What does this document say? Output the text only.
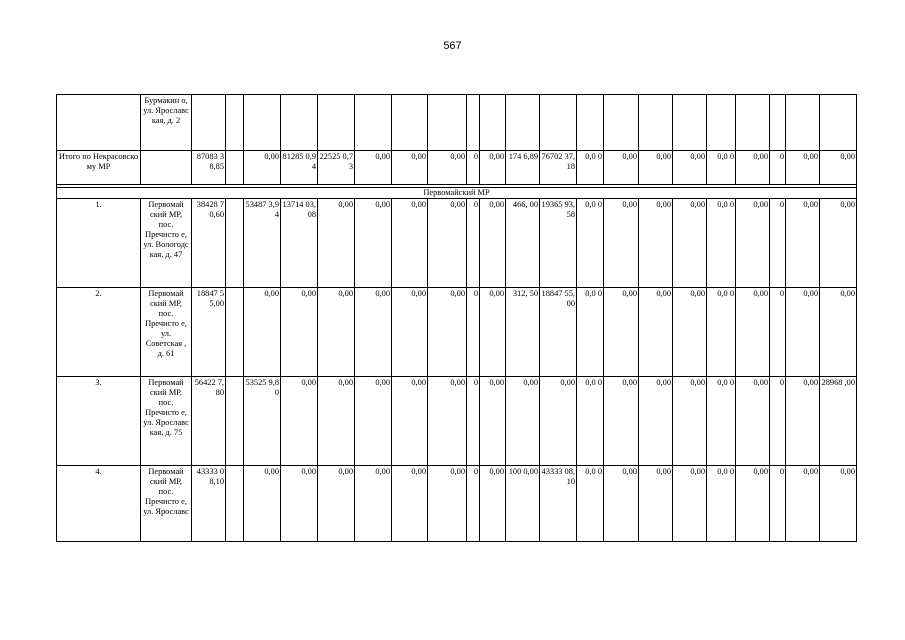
567
	Бурмакин о, ул. Ярославс кая, д. 2																					
Итого по Некрасовскому МР		87083 38,85		0,00	81285 0,94	22525 0,73	0,00	0,00	0,00	0	0,00	174 6,89	76702 37,18	0,0 0	0,00	0,00	0,00	0,0 0	0,00	0	0,00	0,00

Первомайский МР																						
1.	Первомай ский МР, пос. Пречисто е, ул. Вологодс кая, д. 47	38428 70,60		53487 3,94	13714 03,08	0,00	0,00	0,00	0,00	0	0,00	466, 00	19365 93,58	0,0 0	0,00	0,00	0,00	0,0 0	0,00	0	0,00	0,00
2.	Первомай ский МР, пос. Пречисто е, ул. Советская , д. 61	18847 55,00		0,00	0,00	0,00	0,00	0,00	0,00	0	0,00	312, 50	18847 55,00	0,0 0	0,00	0,00	0,00	0,0 0	0,00	0	0,00	0,00
3.	Первомай ский МР, пос. Пречисто е, ул. Ярославс кая, д. 75	56422 7,80		53525 9,80	0,00	0,00	0,00	0,00	0,00	0	0,00	0,00	0,00	0,0 0	0,00	0,00	0,00	0,0 0	0,00	0	0,00	28968 ,00
4.	Первомай ский МР, пос. Пречисто е, ул. Ярославс	43333 08,10		0,00	0,00	0,00	0,00	0,00	0,00	0	0,00	100 0,00	43333 08,10	0,0 0	0,00	0,00	0,00	0,0 0	0,00	0	0,00	0,00
